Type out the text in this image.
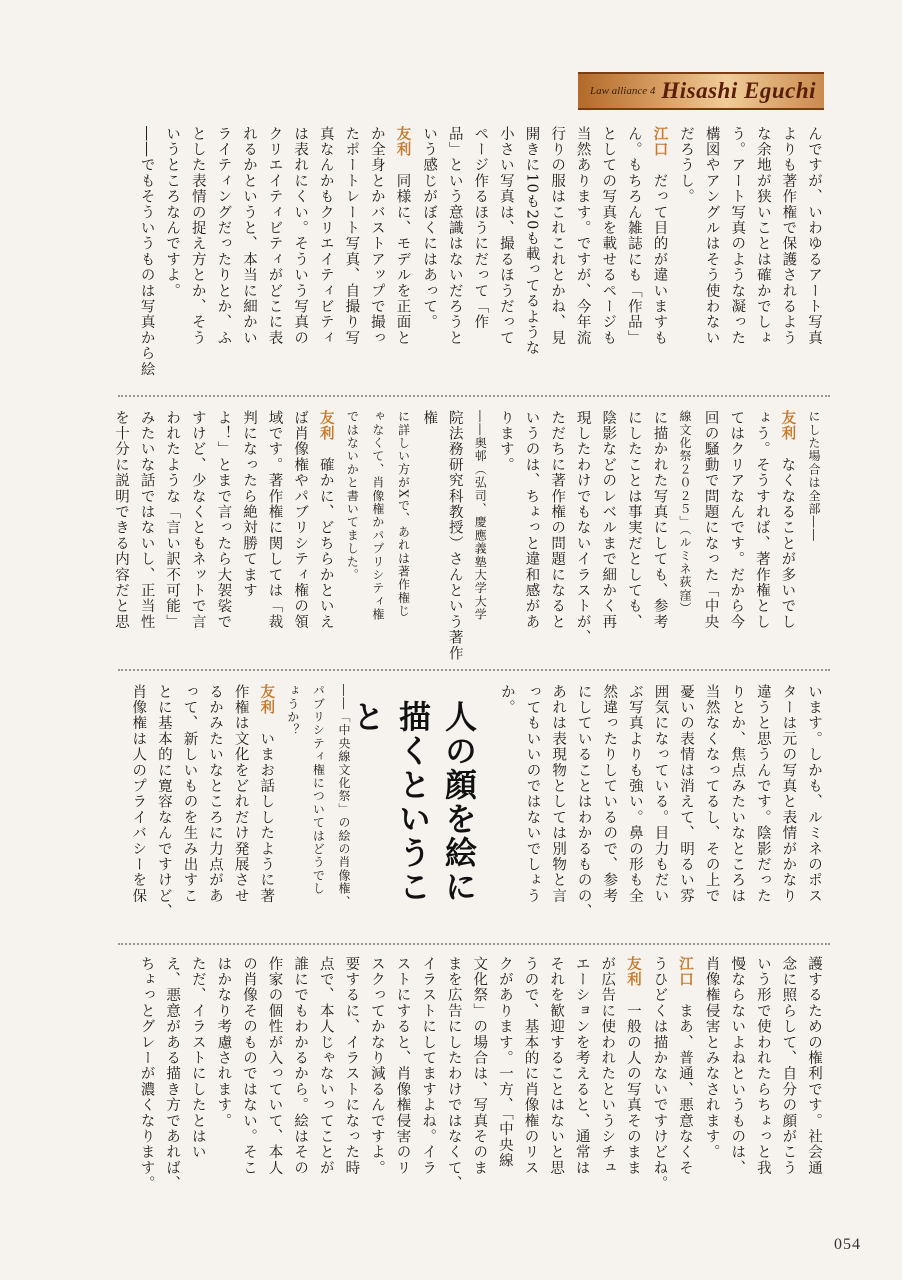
Law alliance 4 Hisashi Eguchi
んですが、いわゆるアート写真
よりも著作権で保護されるよう
な余地が狭いことは確かでしょ
う。アート写真のような凝った
構図やアングルはそう使わない
だろうし。
江口　だって目的が違いますも
ん。もちろん雑誌にも「作品」
としての写真を載せるページも
当然あります。ですが、今年流
行りの服はこれこれとかね、見
開きに10も20も載ってるような
小さい写真は、撮るほうだって
ページ作るほうにだって「作
品」という意識はないだろうと
いう感じがぼくにはあって。
友利　同様に、モデルを正面と
か全身とかバストアップで撮っ
たポートレート写真、自撮り写
真なんかもクリエイティビティ
は表れにくい。そういう写真の
クリエイティビティがどこに表
れるかというと、本当に細かい
ライティングだったりとか、ふ
とした表情の捉え方とか、そう
いうところなんですよ。
――でもそういうものは写真から絵
にした場合は全部――
友利　なくなることが多いでし
ょう。そうすれば、著作権とし
てはクリアなんです。だから今
回の騒動で問題になった「中央
線文化祭２０２５」（ルミネ荻窪）
に描かれた写真にしても、参考
にしたことは事実だとしても、
陰影などのレベルまで細かく再
現したわけでもないイラストが、
ただちに著作権の問題になると
いうのは、ちょっと違和感があ
ります。
――奥邨（弘司、慶應義塾大学大学
院法務研究科教授）さんという著作権
に詳しい方がXで、あれは著作権じ
ゃなくて、肖像権かパブリシティ権
ではないかと書いてました。
友利　確かに、どちらかといえ
ば肖像権やパブリシティ権の領
域です。著作権に関しては「裁
判になったら絶対勝てます
よ！」とまで言ったら大袈裟で
すけど、少なくともネットで言
われたような「言い訳不可能」
みたいな話ではないし、正当性
を十分に説明できる内容だと思
います。しかも、ルミネのポス
ターは元の写真と表情がかなり
違うと思うんです。陰影だった
りとか、焦点みたいなところは
当然なくなってるし、その上で
憂いの表情は消えて、明るい雰
囲気になっている。目力もだい
ぶ写真よりも強い。鼻の形も全
然違ったりしているので、参考
にしていることはわかるものの、
あれは表現物としては別物と言
ってもいいのではないでしょう
か。
人の顔を絵に 描くということ
――「中央線文化祭」の絵の肖像権、
パブリシティ権についてはどうでし
ょうか？
友利　いまお話ししたように著
作権は文化をどれだけ発展させ
るかみたいなところに力点があ
って、新しいものを生み出すこ
とに基本的に寛容なんですけど、
肖像権は人のプライバシーを保
護するための権利です。社会通
念に照らして、自分の顔がこう
いう形で使われたらちょっと我
慢ならないよねというものは、
肖像権侵害とみなされます。
江口　まあ、普通、悪意なくそ
うひどくは描かないですけどね。
友利　一般の人の写真そのまま
が広告に使われたというシチュ
エーションを考えると、通常は
それを歓迎することはないと思
うので、基本的に肖像権のリス
クがあります。一方、「中央線
文化祭」の場合は、写真そのま
まを広告にしたわけではなくて、
イラストにしてますよね。イラ
ストにすると、肖像権侵害のリ
スクってかなり減るんですよ。
要するに、イラストになった時
点で、本人じゃないってことが
誰にでもわかるから。絵はその
作家の個性が入っていて、本人
の肖像そのものではない。そこ
はかなり考慮されます。
ただ、イラストにしたとはい
え、悪意がある描き方であれば、
ちょっとグレーが濃くなります。
054
